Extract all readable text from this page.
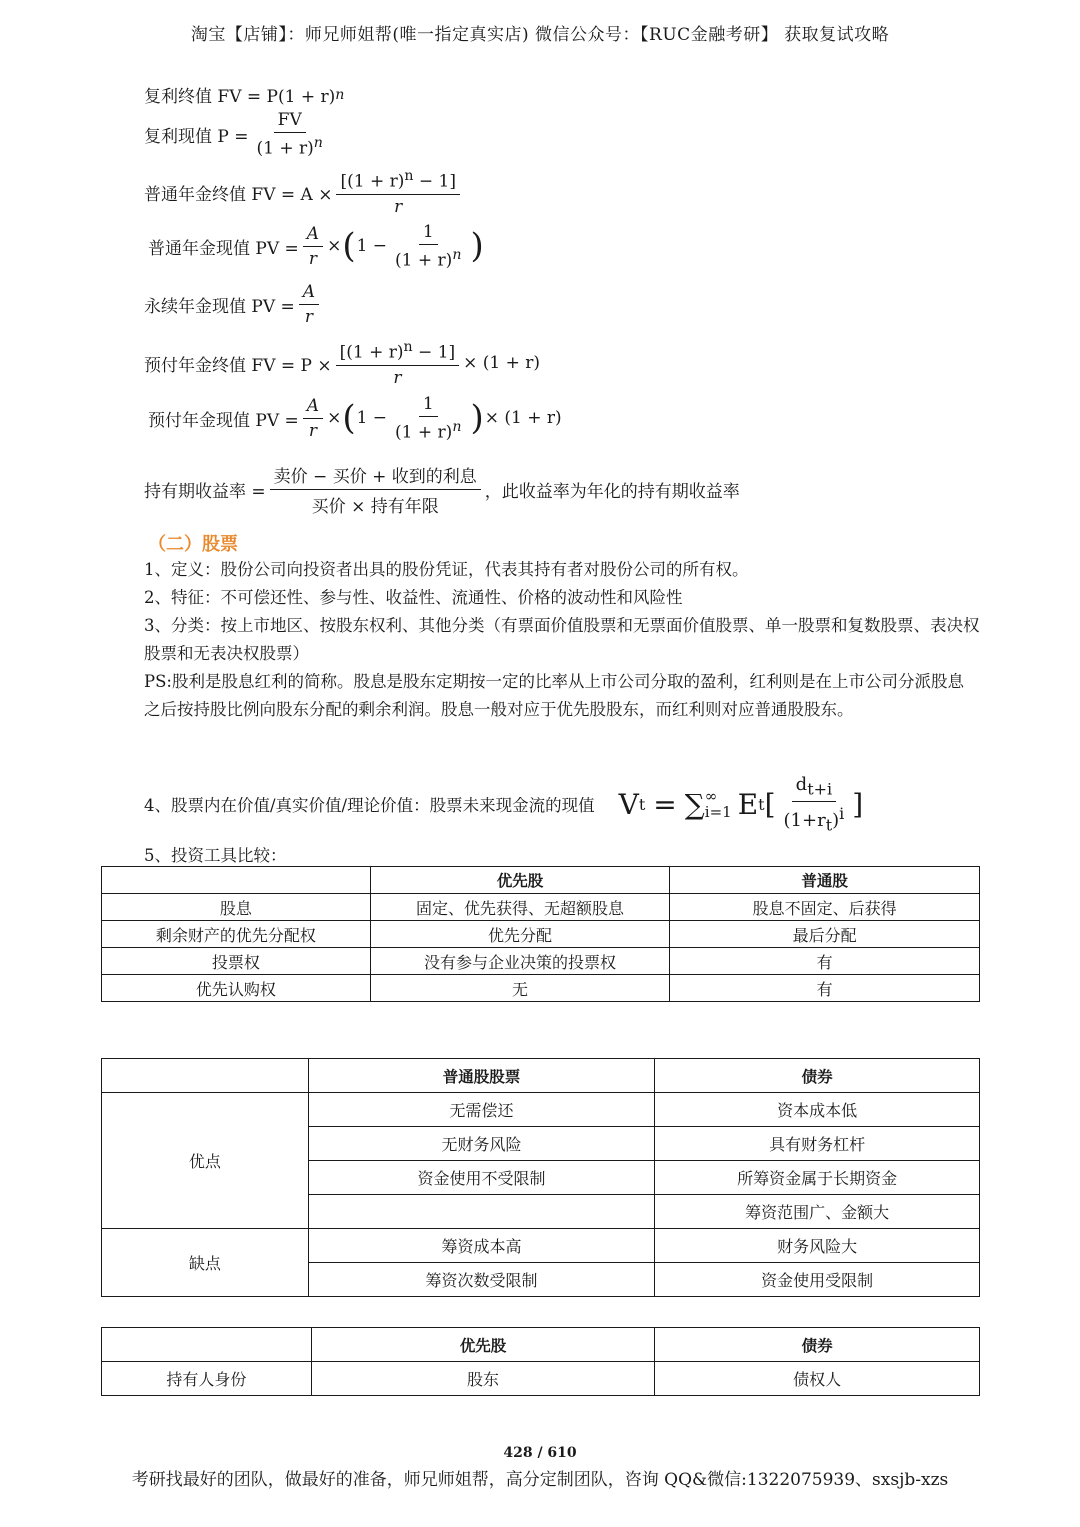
淘宝【店铺】：师兄师姐帮(唯一指定真实店) 微信公众号：【RUC金融考研】 获取复试攻略
复利终值 FV = P(1 + r) n
复利现值 $P = \frac{FV}{(1 + r)^n}$
普通年金终值 FV = $A \times \frac{[(1 + r)^n - 1]}{r}$
普通年金现值 PV = $\frac{A}{r}$ × ( $1 - \frac{1}{(1 + r)^n}$ )
永续年金现值 PV = $\frac{A}{r}$
预付年金终值 FV = $P \times \frac{[(1 + r)^n - 1]}{r} \times (1 + r)$
预付年金现值 PV = $\frac{A}{r}$ × ( $1 - \frac{1}{(1 + r)^n}$ ) × (1 + r)
持有期收益率 = $\frac{\text{卖价 − 买价 + 收到的利息}}{\text{买价 × 持有年限}}$ ，此收益率为年化的持有期收益率
（二）股票
1、定义：股份公司向投资者出具的股份凭证，代表其持有者对股份公司的所有权。
2、特征：不可偿还性、参与性、收益性、流通性、价格的波动性和风险性
3、分类：按上市地区、按股东权利、其他分类（有票面价值股票和无票面价值股票、单一股票和复数股票、表决权股票和无表决权股票）
PS:股利是股息红利的简称。股息是股东定期按一定的比率从上市公司分取的盈利，红利则是在上市公司分派股息之后按持股比例向股东分配的剩余利润。股息一般对应于优先股股东，而红利则对应普通股股东。
4、股票内在价值/真实价值/理论价值：股票未来现金流的现值 V t = ∑ ∞
i=1 E t [ $\frac{d_{t+i}}{(1+r_t)^i}$ ]
5、投资工具比较：
	优先股	普通股
股息	固定、优先获得、无超额股息	股息不固定、后获得
剩余财产的优先分配权	优先分配	最后分配
投票权	没有参与企业决策的投票权	有
优先认购权	无	有
	普通股股票	债券
优点	无需偿还	资本成本低
	无财务风险	具有财务杠杆
	资金使用不受限制	所筹资金属于长期资金
		筹资范围广、金额大
缺点	筹资成本高	财务风险大
	筹资次数受限制	资金使用受限制
	优先股	债券
持有人身份	股东	债权人
428 / 610
考研找最好的团队，做最好的准备，师兄师姐帮，高分定制团队，咨询 QQ&微信:1322075939、sxsjb-xzs
